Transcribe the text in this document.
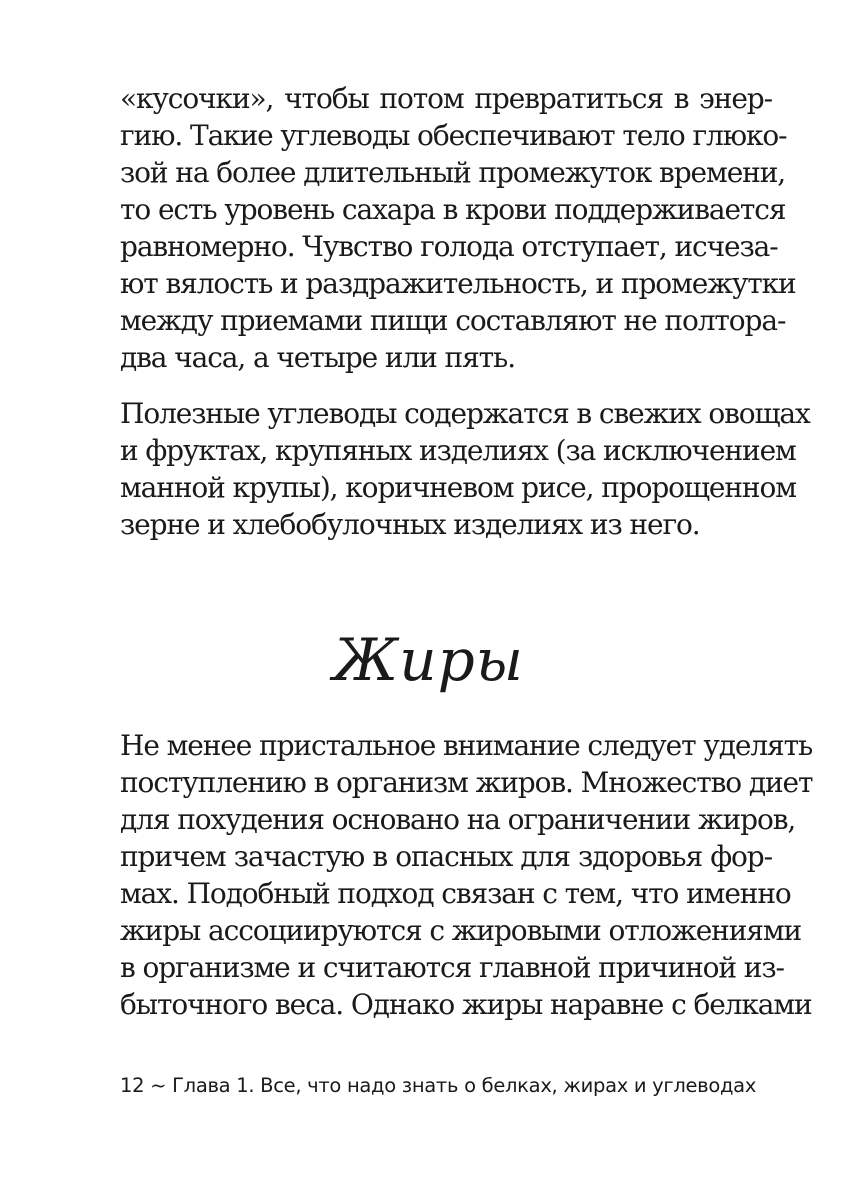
«кусочки», чтобы потом превратиться в энер-
гию. Такие углеводы обеспечивают тело глюко-
зой на более длительный промежуток времени,
то есть уровень сахара в крови поддерживается
равномерно. Чувство голода отступает, исчеза-
ют вялость и раздражительность, и промежутки
между приемами пищи составляют не полтора-
два часа, а четыре или пять.
Полезные углеводы содержатся в свежих овощах
и фруктах, крупяных изделиях (за исключением
манной крупы), коричневом рисе, пророщенном
зерне и хлебобулочных изделиях из него.
Жиры
Не менее пристальное внимание следует уделять
поступлению в организм жиров. Множество диет
для похудения основано на ограничении жиров,
причем зачастую в опасных для здоровья фор-
мах. Подобный подход связан с тем, что именно
жиры ассоциируются с жировыми отложениями
в организме и считаются главной причиной из-
быточного веса. Однако жиры наравне с белками
12 ~ Глава 1. Все, что надо знать о белках, жирах и углеводах
